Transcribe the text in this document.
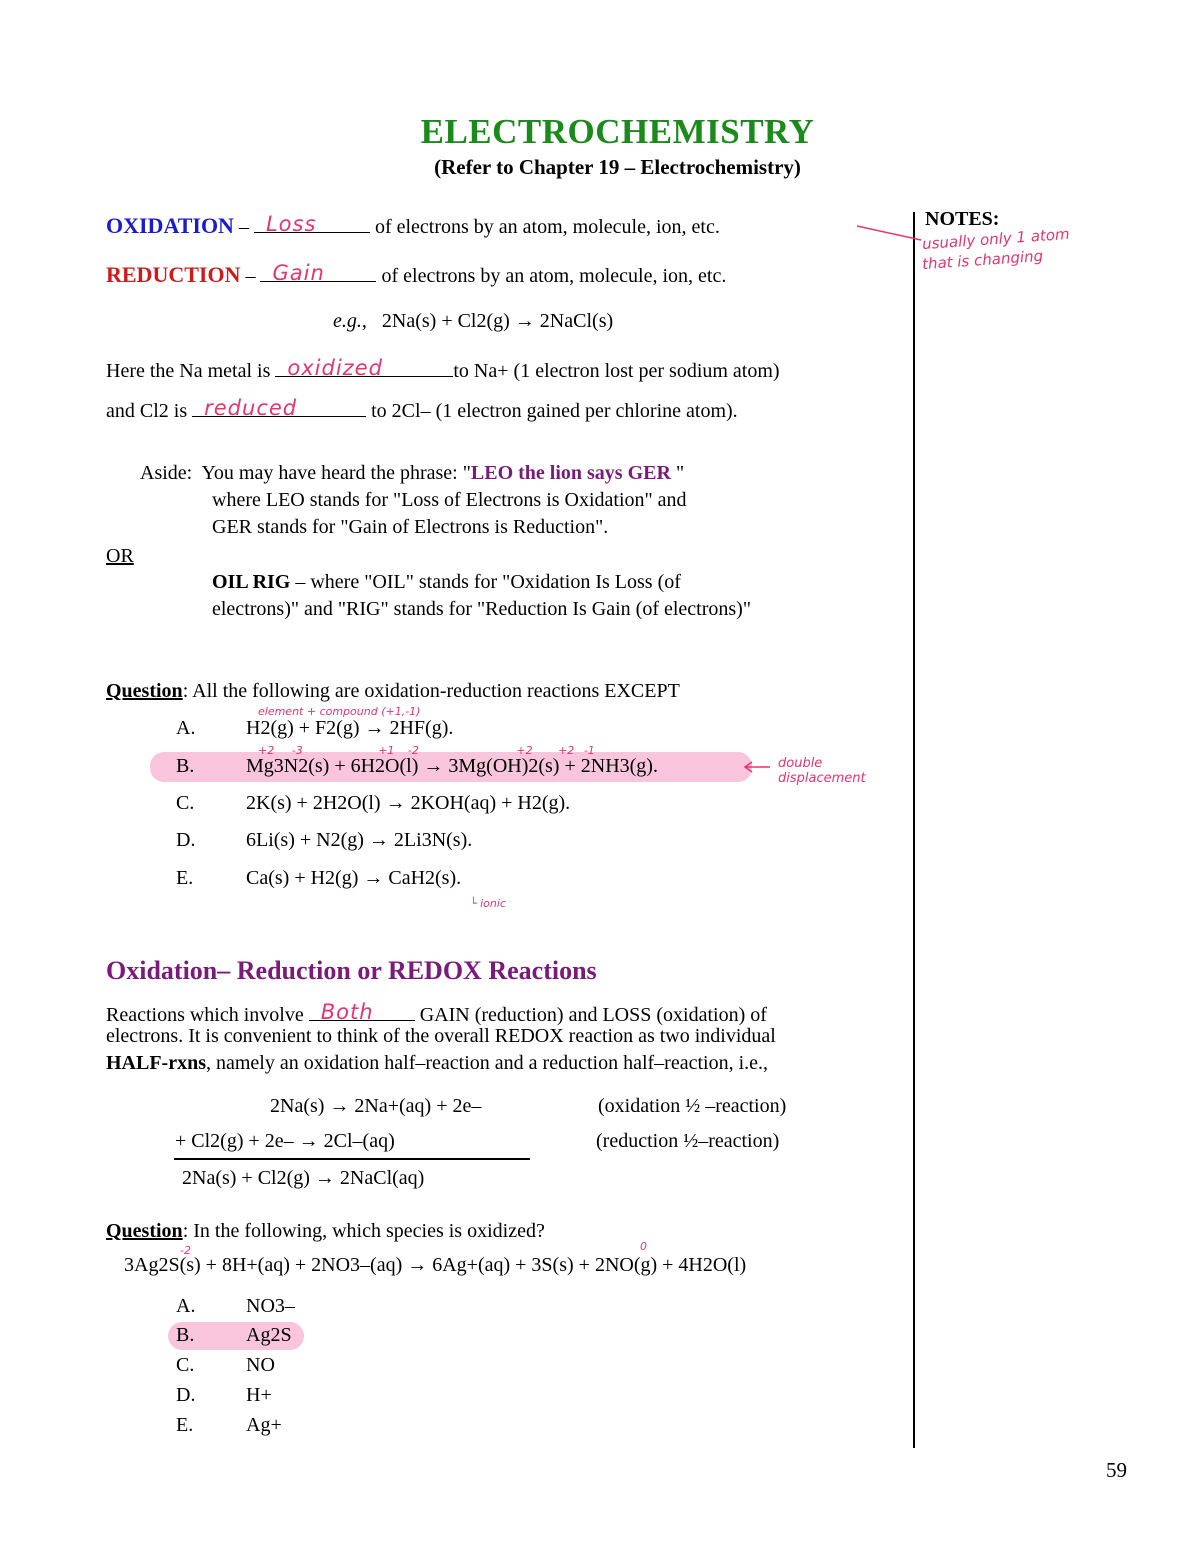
ELECTROCHEMISTRY
(Refer to Chapter 19 – Electrochemistry)
NOTES:
usually only 1 atom
that is changing
OXIDATION – Loss	of electrons by an atom, molecule, ion, etc.
REDUCTION – Gain	of electrons by an atom, molecule, ion, etc.
e.g., 2Na(s) + Cl2(g) → 2NaCl(s)
Here the Na metal is oxidized	to Na+ (1 electron lost per sodium atom)
and Cl2 is reduced	to 2Cl– (1 electron gained per chlorine atom).
Aside: You may have heard the phrase: "LEO the lion says GER "
where LEO stands for "Loss of Electrons is Oxidation" and
GER stands for "Gain of Electrons is Reduction".
OR
OIL RIG – where "OIL" stands for "Oxidation Is Loss (of
electrons)" and "RIG" stands for "Reduction Is Gain (of electrons)"
Question: All the following are oxidation-reduction reactions EXCEPT
element + compound (+1,-1)
+2 -3	+1 -2	+2 +2 -1
A.	H2(g) + F2(g) → 2HF(g).
B.	Mg3N2(s) + 6H2O(l) → 3Mg(OH)2(s) + 2NH3(g).
C.	2K(s) + 2H2O(l) → 2KOH(aq) + H2(g).
D.	6Li(s) + N2(g) → 2Li3N(s).
E.	Ca(s) + H2(g) → CaH2(s).
double displacement
└ ionic
Oxidation– Reduction or REDOX Reactions
Reactions which involve Both GAIN (reduction) and LOSS (oxidation) of
electrons. It is convenient to think of the overall REDOX reaction as two individual
HALF-rxns, namely an oxidation half–reaction and a reduction half–reaction, i.e.,
2Na(s) → 2Na+(aq) + 2e–	(oxidation ½ –reaction)
+ Cl2(g) + 2e– → 2Cl–(aq)	(reduction ½–reaction)
2Na(s) + Cl2(g) → 2NaCl(aq)
Question: In the following, which species is oxidized?
-2	0
3Ag2S(s) + 8H+(aq) + 2NO3–(aq) → 6Ag+(aq) + 3S(s) + 2NO(g) + 4H2O(l)
A.	NO3–
B.	Ag2S
C.	NO
D.	H+
E.	Ag+
59
